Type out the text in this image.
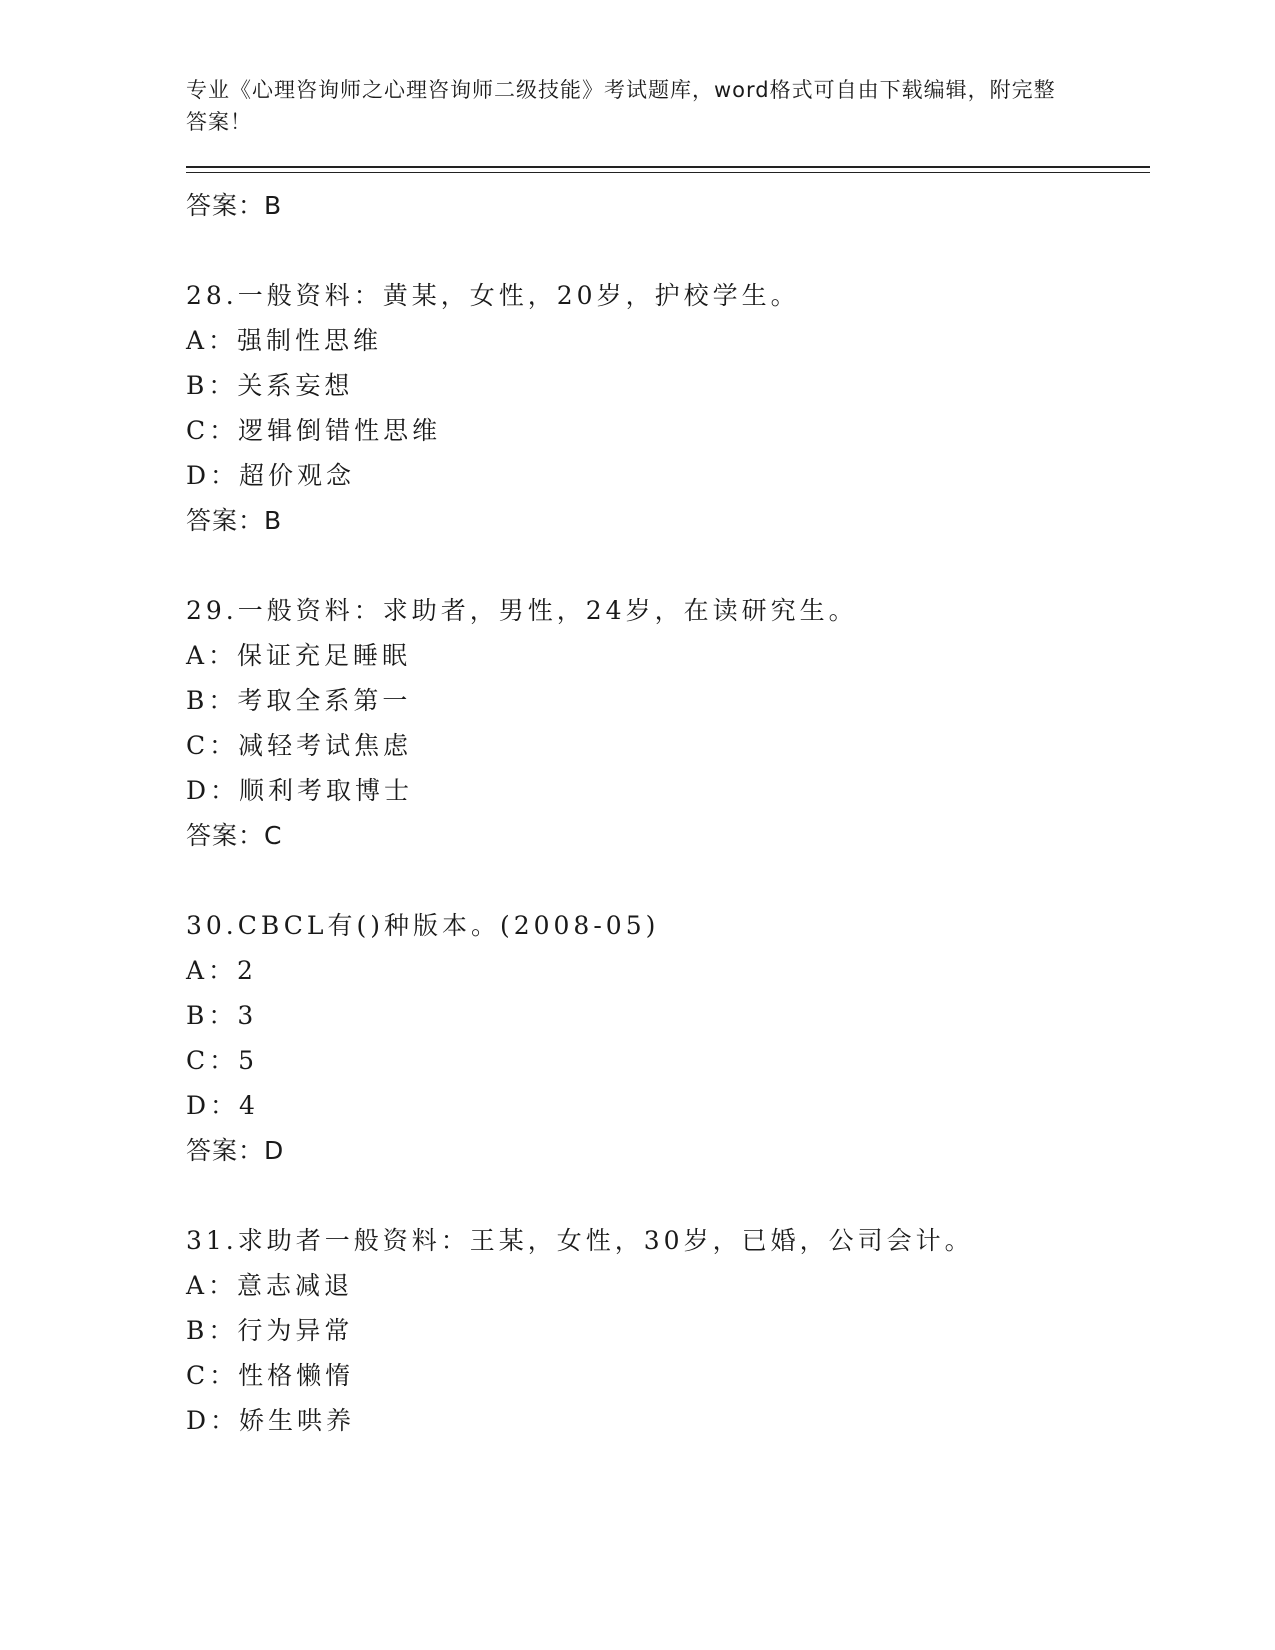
专业《心理咨询师之心理咨询师二级技能》考试题库，word格式可自由下载编辑，附完整答案！
答案：B
28.一般资料：黄某，女性，20岁，护校学生。
A：强制性思维
B：关系妄想
C：逻辑倒错性思维
D：超价观念
答案：B
29.一般资料：求助者，男性，24岁，在读研究生。
A：保证充足睡眠
B：考取全系第一
C：减轻考试焦虑
D：顺利考取博士
答案：C
30.CBCL有()种版本。(2008-05)
A：2
B：3
C：5
D：4
答案：D
31.求助者一般资料：王某，女性，30岁，已婚，公司会计。
A：意志减退
B：行为异常
C：性格懒惰
D：娇生哄养
